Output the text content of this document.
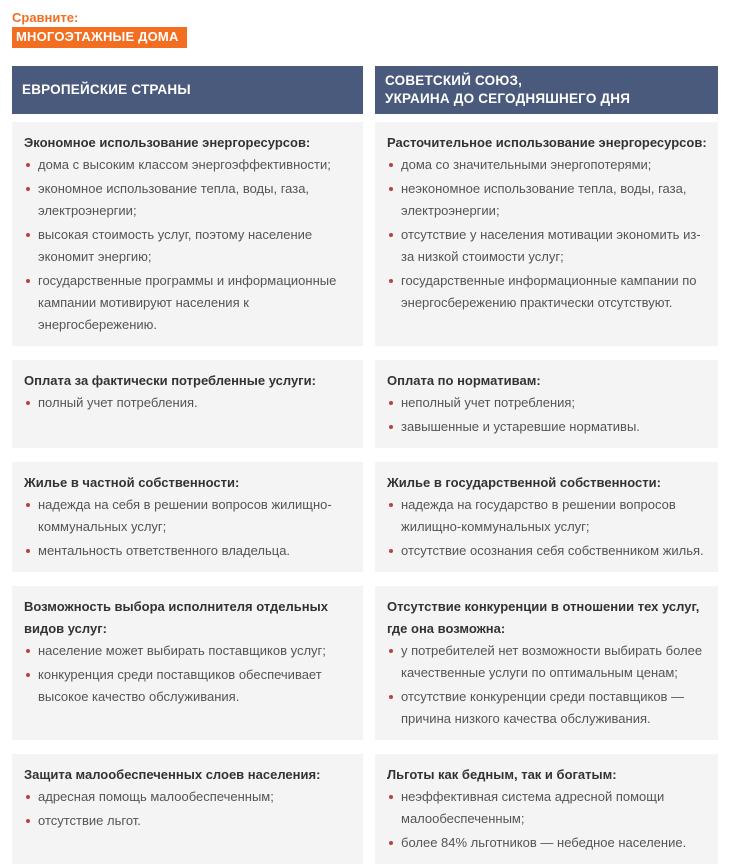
Сравните:
МНОГОЭТАЖНЫЕ ДОМА
ЕВРОПЕЙСКИЕ СТРАНЫ
СОВЕТСКИЙ СОЮЗ,
УКРАИНА ДО СЕГОДНЯШНЕГО ДНЯ
Экономное использование энергоресурсов:
дома с высоким классом энергоэффективности;
экономное использование тепла, воды, газа, электроэнергии;
высокая стоимость услуг, поэтому население экономит энергию;
государственные программы и информационные кампании мотивируют населения к энергосбережению.
Расточительное использование энергоресурсов:
дома со значительными энергопотерями;
неэкономное использование тепла, воды, газа, электроэнергии;
отсутствие у населения мотивации экономить из-за низкой стоимости услуг;
государственные информационные кампании по энергосбережению практически отсутствуют.
Оплата за фактически потребленные услуги:
полный учет потребления.
Оплата по нормативам:
неполный учет потребления;
завышенные и устаревшие нормативы.
Жилье в частной собственности:
надежда на себя в решении вопросов жилищно-коммунальных услуг;
ментальность ответственного владельца.
Жилье в государственной собственности:
надежда на государство в решении вопросов жилищно-коммунальных услуг;
отсутствие осознания себя собственником жилья.
Возможность выбора исполнителя отдельных видов услуг:
население может выбирать поставщиков услуг;
конкуренция среди поставщиков обеспечивает высокое качество обслуживания.
Отсутствие конкуренции в отношении тех услуг, где она возможна:
у потребителей нет возможности выбирать более качественные услуги по оптимальным ценам;
отсутствие конкуренции среди поставщиков — причина низкого качества обслуживания.
Защита малообеспеченных слоев населения:
адресная помощь малообеспеченным;
отсутствие льгот.
Льготы как бедным, так и богатым:
неэффективная система адресной помощи малообеспеченным;
более 84% льготников — небедное население.
